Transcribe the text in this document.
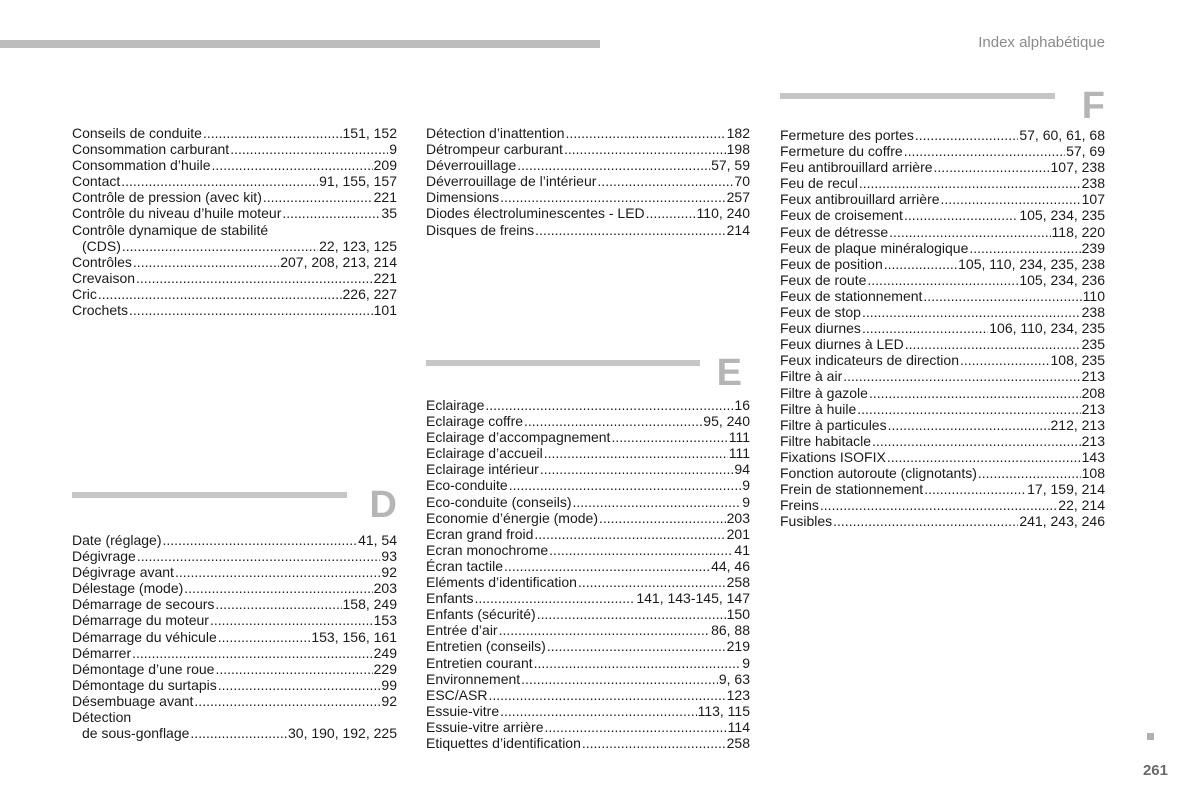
Index alphabétique
Conseils de conduite .....	151, 152
Consommation carburant .....	9
Consommation d’huile .....	209
Contact .....	91, 155, 157
Contrôle de pression (avec kit) .....	221
Contrôle du niveau d’huile moteur .....	35
Contrôle dynamique de stabilité
(CDS) .....	22, 123, 125
Contrôles .....	207, 208, 213, 214
Crevaison .....	221
Cric .....	226, 227
Crochets .....	101
D
Date (réglage) .....	41, 54
Dégivrage .....	93
Dégivrage avant .....	92
Délestage (mode) .....	203
Démarrage de secours .....	158, 249
Démarrage du moteur .....	153
Démarrage du véhicule .....	153, 156, 161
Démarrer .....	249
Démontage d’une roue .....	229
Démontage du surtapis .....	99
Désembuage avant .....	92
Détection
de sous-gonflage .....	30, 190, 192, 225
Détection d’inattention .....	182
Détrompeur carburant .....	198
Déverrouillage .....	57, 59
Déverrouillage de l’intérieur .....	70
Dimensions .....	257
Diodes électroluminescentes - LED .....	110, 240
Disques de freins .....	214
E
Eclairage .....	16
Eclairage coffre .....	95, 240
Eclairage d’accompagnement .....	111
Eclairage d’accueil .....	111
Eclairage intérieur .....	94
Eco-conduite .....	9
Eco-conduite (conseils) .....	9
Economie d’énergie (mode) .....	203
Ecran grand froid .....	201
Ecran monochrome .....	41
Écran tactile .....	44, 46
Eléments d’identification .....	258
Enfants .....	141, 143-145, 147
Enfants (sécurité) .....	150
Entrée d’air .....	86, 88
Entretien (conseils) .....	219
Entretien courant .....	9
Environnement .....	9, 63
ESC/ASR .....	123
Essuie-vitre .....	113, 115
Essuie-vitre arrière .....	114
Etiquettes d’identification .....	258
F
Fermeture des portes .....	57, 60, 61, 68
Fermeture du coffre .....	57, 69
Feu antibrouillard arrière .....	107, 238
Feu de recul .....	238
Feux antibrouillard arrière .....	107
Feux de croisement .....	105, 234, 235
Feux de détresse .....	118, 220
Feux de plaque minéralogique .....	239
Feux de position .....	105, 110, 234, 235, 238
Feux de route .....	105, 234, 236
Feux de stationnement .....	110
Feux de stop .....	238
Feux diurnes .....	106, 110, 234, 235
Feux diurnes à LED .....	235
Feux indicateurs de direction .....	108, 235
Filtre à air .....	213
Filtre à gazole .....	208
Filtre à huile .....	213
Filtre à particules .....	212, 213
Filtre habitacle .....	213
Fixations ISOFIX .....	143
Fonction autoroute (clignotants) .....	108
Frein de stationnement .....	17, 159, 214
Freins .....	22, 214
Fusibles .....	241, 243, 246
261
